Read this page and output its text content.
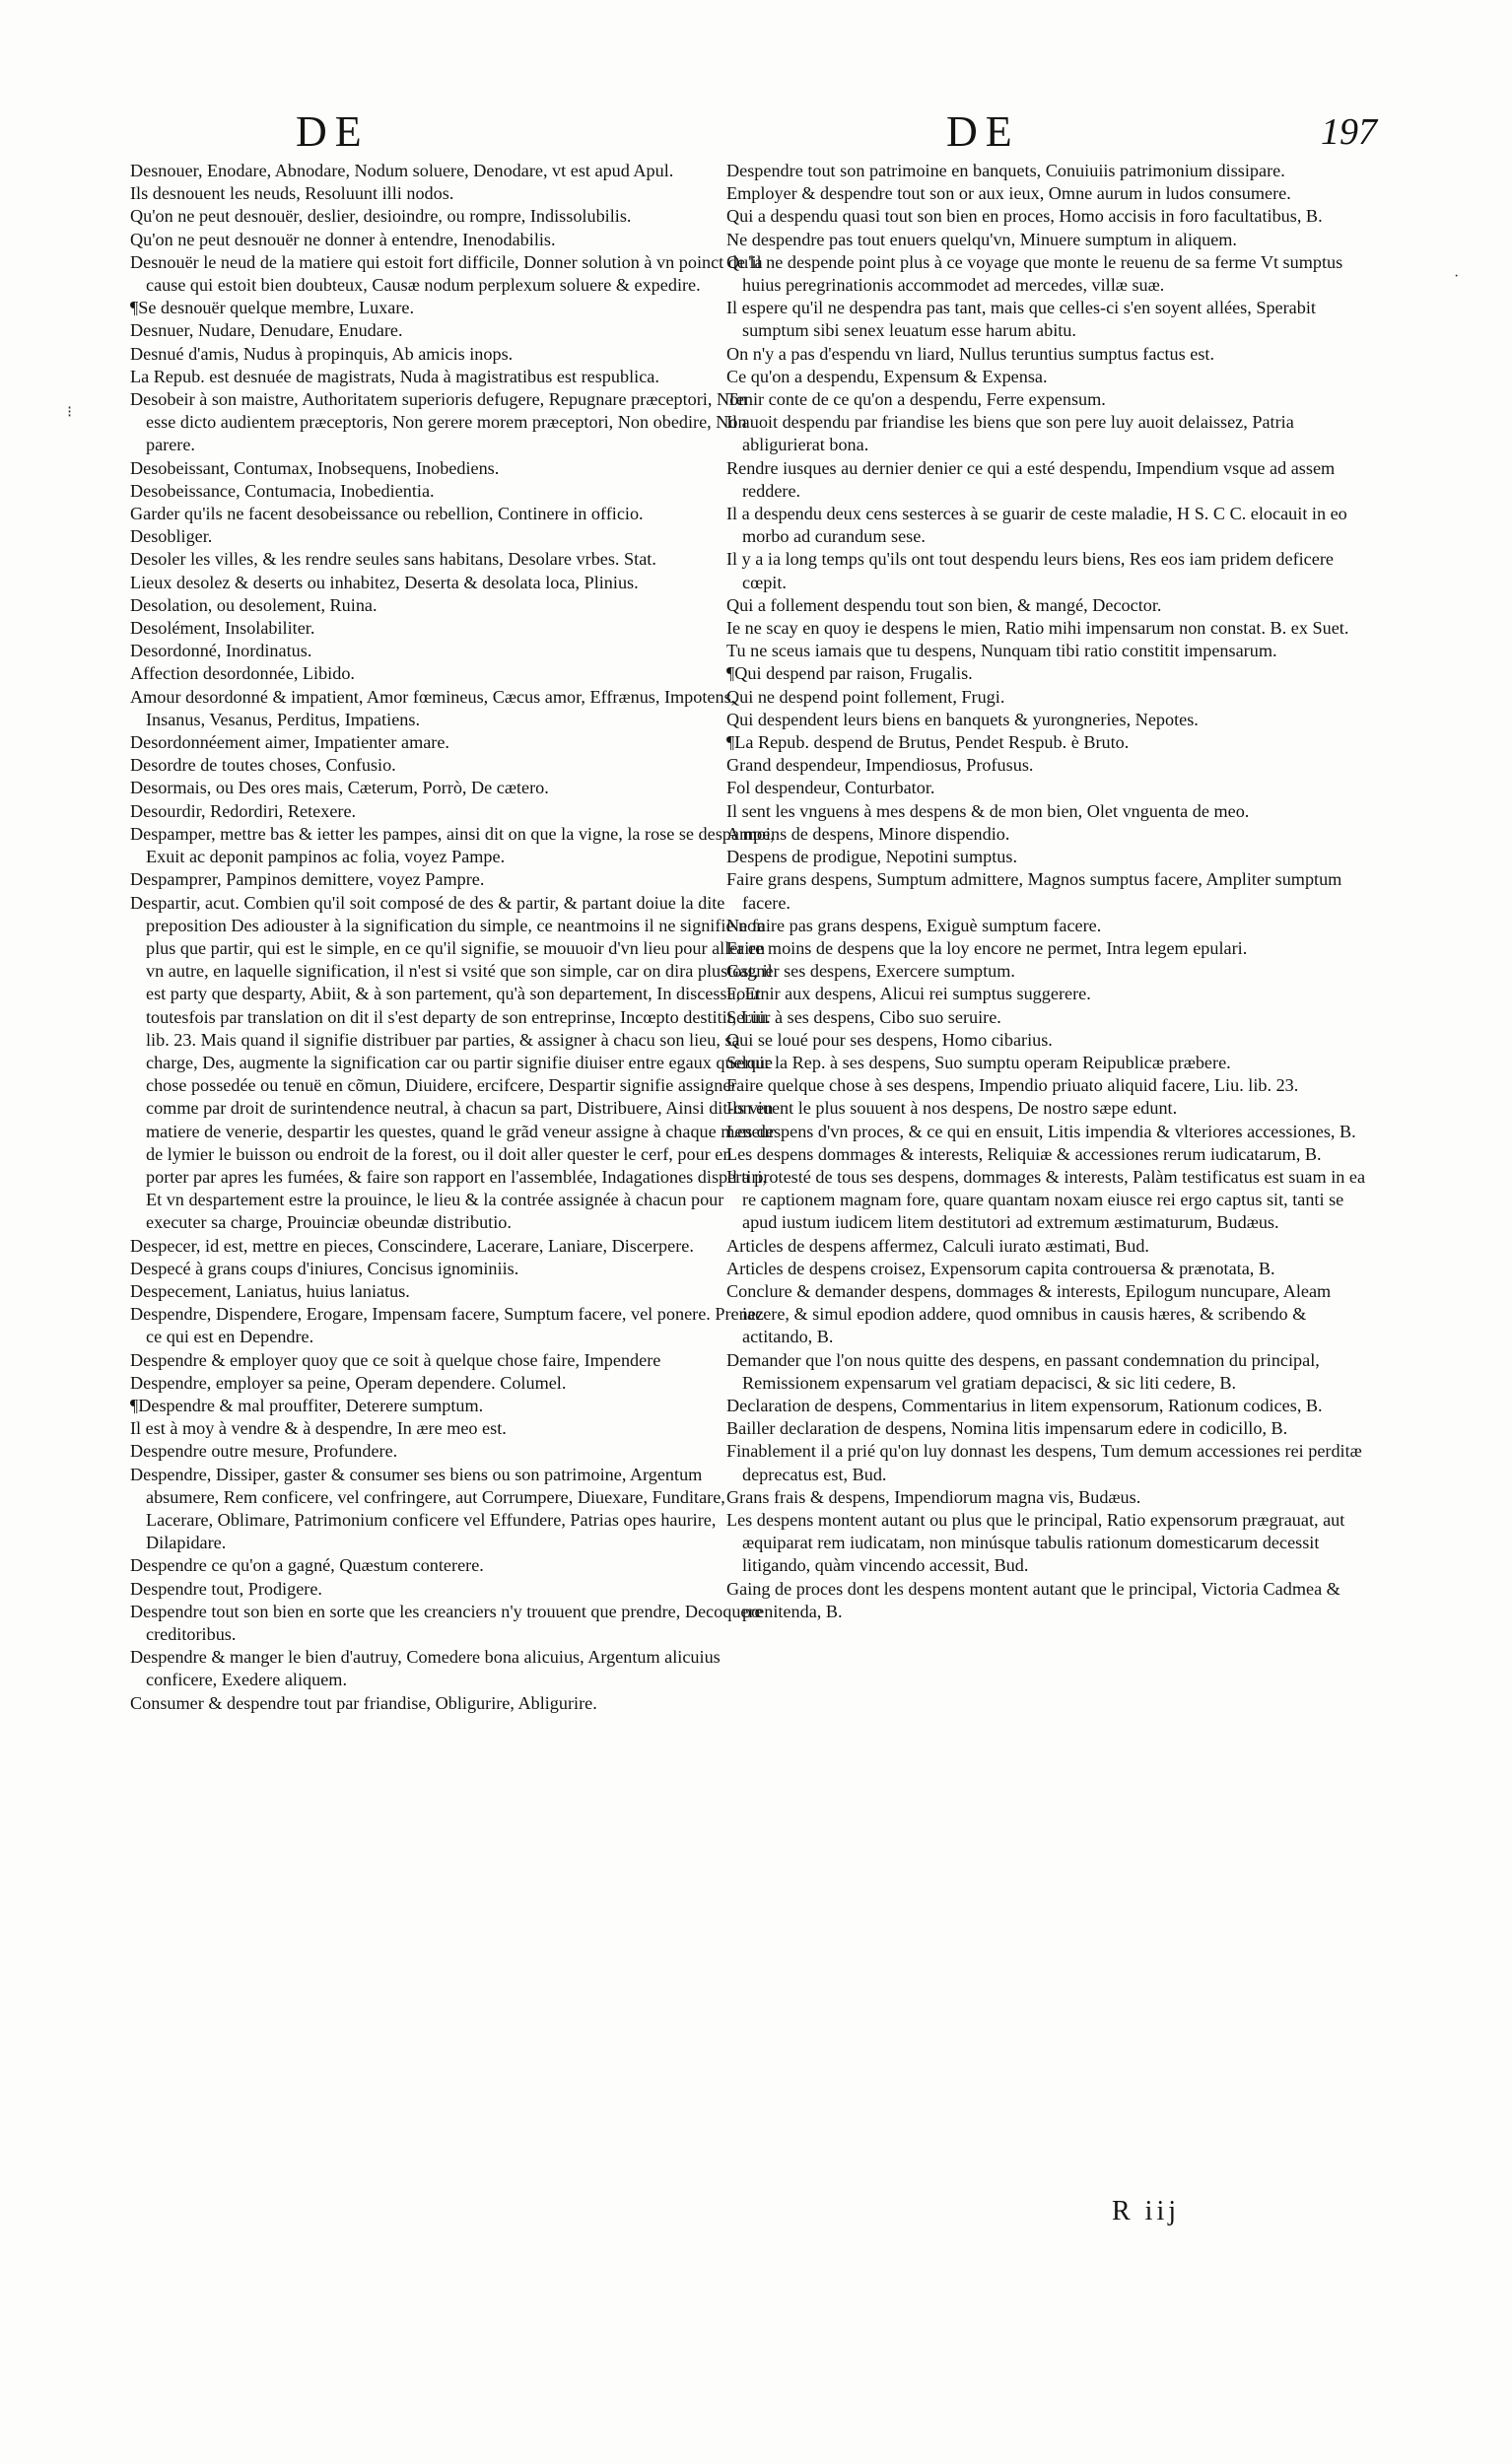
DE	DE	197
⁝
·

Desnouer, Enodare, Abnodare, Nodum soluere, Denodare, vt est apud Apul.

Ils desnouent les neuds, Resoluunt illi nodos.

Qu'on ne peut desnouër, deslier, desioindre, ou rompre, Indissolubilis.

Qu'on ne peut desnouër ne donner à entendre, Inenodabilis.

Desnouër le neud de la matiere qui estoit fort difficile, Donner solution à vn poinct de la cause qui estoit bien doubteux, Causæ nodum perplexum soluere & expedire.

¶Se desnouër quelque membre, Luxare.

Desnuer, Nudare, Denudare, Enudare.

Desnué d'amis, Nudus à propinquis, Ab amicis inops.

La Repub. est desnuée de magistrats, Nuda à magistratibus est respublica.

Desobeir à son maistre, Authoritatem superioris defugere, Repugnare præceptori, Non esse dicto audientem præceptoris, Non gerere morem præceptori, Non obedire, Non parere.

Desobeissant, Contumax, Inobsequens, Inobediens.

Desobeissance, Contumacia, Inobedientia.

Garder qu'ils ne facent desobeissance ou rebellion, Continere in officio.

Desobliger.

Desoler les villes, & les rendre seules sans habitans, Desolare vrbes. Stat.

Lieux desolez & deserts ou inhabitez, Deserta & desolata loca, Plinius.

Desolation, ou desolement, Ruina.

Desolément, Insolabiliter.

Desordonné, Inordinatus.

Affection desordonnée, Libido.

Amour desordonné & impatient, Amor fœmineus, Cæcus amor, Effrænus, Impotens, Insanus, Vesanus, Perditus, Impatiens.

Desordonnéement aimer, Impatienter amare.

Desordre de toutes choses, Confusio.

Desormais, ou Des ores mais, Cæterum, Porrò, De cætero.

Desourdir, Redordiri, Retexere.

Despamper, mettre bas & ietter les pampes, ainsi dit on que la vigne, la rose se despampe, Exuit ac deponit pampinos ac folia, voyez Pampe.

Despamprer, Pampinos demittere, voyez Pampre.

Despartir, acut. Combien qu'il soit composé de des & partir, & partant doiue la dite preposition Des adiouster à la signification du simple, ce neantmoins il ne signifie non plus que partir, qui est le simple, en ce qu'il signifie, se mouuoir d'vn lieu pour aller en vn autre, en laquelle signification, il n'est si vsité que son simple, car on dira plustost, il est party que desparty, Abiit, & à son partement, qu'à son departement, In discessu, Et toutesfois par translation on dit il s'est departy de son entreprinse, Incœpto destitit, Liu. lib. 23. Mais quand il signifie distribuer par parties, & assigner à chacu son lieu, sa charge, Des, augmente la signification car ou partir signifie diuiser entre egaux quelque chose possedée ou tenuë en cõmun, Diuidere, ercifcere, Despartir signifie assigner comme par droit de surintendence neutral, à chacun sa part, Distribuere, Ainsi dit-on en matiere de venerie, despartir les questes, quand le grãd veneur assigne à chaque meneur de lymier le buisson ou endroit de la forest, ou il doit aller quester le cerf, pour en porter par apres les fumées, & faire son rapport en l'assemblée, Indagationes dispertiri, Et vn despartement estre la prouince, le lieu & la contrée assignée à chacun pour executer sa charge, Prouinciæ obeundæ distributio.

Despecer, id est, mettre en pieces, Conscindere, Lacerare, Laniare, Discerpere.

Despecé à grans coups d'iniures, Concisus ignominiis.

Despecement, Laniatus, huius laniatus.

Despendre, Dispendere, Erogare, Impensam facere, Sumptum facere, vel ponere. Prenez ce qui est en Dependre.

Despendre & employer quoy que ce soit à quelque chose faire, Impendere

Despendre, employer sa peine, Operam dependere. Columel.

¶Despendre & mal prouffiter, Deterere sumptum.

Il est à moy à vendre & à despendre, In ære meo est.

Despendre outre mesure, Profundere.

Despendre, Dissiper, gaster & consumer ses biens ou son patrimoine, Argentum absumere, Rem conficere, vel confringere, aut Corrumpere, Diuexare, Funditare, Lacerare, Oblimare, Patrimonium conficere vel Effundere, Patrias opes haurire, Dilapidare.

Despendre ce qu'on a gagné, Quæstum conterere.

Despendre tout, Prodigere.

Despendre tout son bien en sorte que les creanciers n'y trouuent que prendre, Decoquere creditoribus.

Despendre & manger le bien d'autruy, Comedere bona alicuius, Argentum alicuius conficere, Exedere aliquem.

Consumer & despendre tout par friandise, Obligurire, Abligurire.

Despendre tout son patrimoine en banquets, Conuiuiis patrimonium dissipare.

Employer & despendre tout son or aux ieux, Omne aurum in ludos consumere.

Qui a despendu quasi tout son bien en proces, Homo accisis in foro facultatibus, B.

Ne despendre pas tout enuers quelqu'vn, Minuere sumptum in aliquem.

Qu'il ne despende point plus à ce voyage que monte le reuenu de sa ferme Vt sumptus huius peregrinationis accommodet ad mercedes, villæ suæ.

Il espere qu'il ne despendra pas tant, mais que celles-ci s'en soyent allées, Sperabit sumptum sibi senex leuatum esse harum abitu.

On n'y a pas d'espendu vn liard, Nullus teruntius sumptus factus est.

Ce qu'on a despendu, Expensum & Expensa.

Tenir conte de ce qu'on a despendu, Ferre expensum.

Il auoit despendu par friandise les biens que son pere luy auoit delaissez, Patria abligurierat bona.

Rendre iusques au dernier denier ce qui a esté despendu, Impendium vsque ad assem reddere.

Il a despendu deux cens sesterces à se guarir de ceste maladie, H S. C C. elocauit in eo morbo ad curandum sese.

Il y a ia long temps qu'ils ont tout despendu leurs biens, Res eos iam pridem deficere cœpit.

Qui a follement despendu tout son bien, & mangé, Decoctor.

Ie ne scay en quoy ie despens le mien, Ratio mihi impensarum non constat. B. ex Suet.

Tu ne sceus iamais que tu despens, Nunquam tibi ratio constitit impensarum.

¶Qui despend par raison, Frugalis.

Qui ne despend point follement, Frugi.

Qui despendent leurs biens en banquets & yurongneries, Nepotes.

¶La Repub. despend de Brutus, Pendet Respub. è Bruto.

Grand despendeur, Impendiosus, Profusus.

Fol despendeur, Conturbator.

Il sent les vnguens à mes despens & de mon bien, Olet vnguenta de meo.

A moins de despens, Minore dispendio.

Despens de prodigue, Nepotini sumptus.

Faire grans despens, Sumptum admittere, Magnos sumptus facere, Ampliter sumptum facere.

Ne faire pas grans despens, Exiguè sumptum facere.

Faire moins de despens que la loy encore ne permet, Intra legem epulari.

Gagner ses despens, Exercere sumptum.

Fournir aux despens, Alicui rei sumptus suggerere.

Seruir à ses despens, Cibo suo seruire.

Qui se loué pour ses despens, Homo cibarius.

Seruir la Rep. à ses despens, Suo sumptu operam Reipublicæ præbere.

Faire quelque chose à ses despens, Impendio priuato aliquid facere, Liu. lib. 23.

Ils viuent le plus souuent à nos despens, De nostro sæpe edunt.

Les despens d'vn proces, & ce qui en ensuit, Litis impendia & vlteriores accessiones, B.

Les despens dommages & interests, Reliquiæ & accessiones rerum iudicatarum, B.

Il a protesté de tous ses despens, dommages & interests, Palàm testificatus est suam in ea re captionem magnam fore, quare quantam noxam eiusce rei ergo captus sit, tanti se apud iustum iudicem litem destitutori ad extremum æstimaturum, Budæus.

Articles de despens affermez, Calculi iurato æstimati, Bud.

Articles de despens croisez, Expensorum capita controuersa & prænotata, B.

Conclure & demander despens, dommages & interests, Epilogum nuncupare, Aleam iacere, & simul epodion addere, quod omnibus in causis hæres, & scribendo & actitando, B.

Demander que l'on nous quitte des despens, en passant condemnation du principal, Remissionem expensarum vel gratiam depacisci, & sic liti cedere, B.

Declaration de despens, Commentarius in litem expensorum, Rationum codices, B.

Bailler declaration de despens, Nomina litis impensarum edere in codicillo, B.

Finablement il a prié qu'on luy donnast les despens, Tum demum accessiones rei perditæ deprecatus est, Bud.

Grans frais & despens, Impendiorum magna vis, Budæus.

Les despens montent autant ou plus que le principal, Ratio expensorum prægrauat, aut æquiparat rem iudicatam, non minúsque tabulis rationum domesticarum decessit litigando, quàm vincendo accessit, Bud.

Gaing de proces dont les despens montent autant que le principal, Victoria Cadmea & pœnitenda, B.

R iij
